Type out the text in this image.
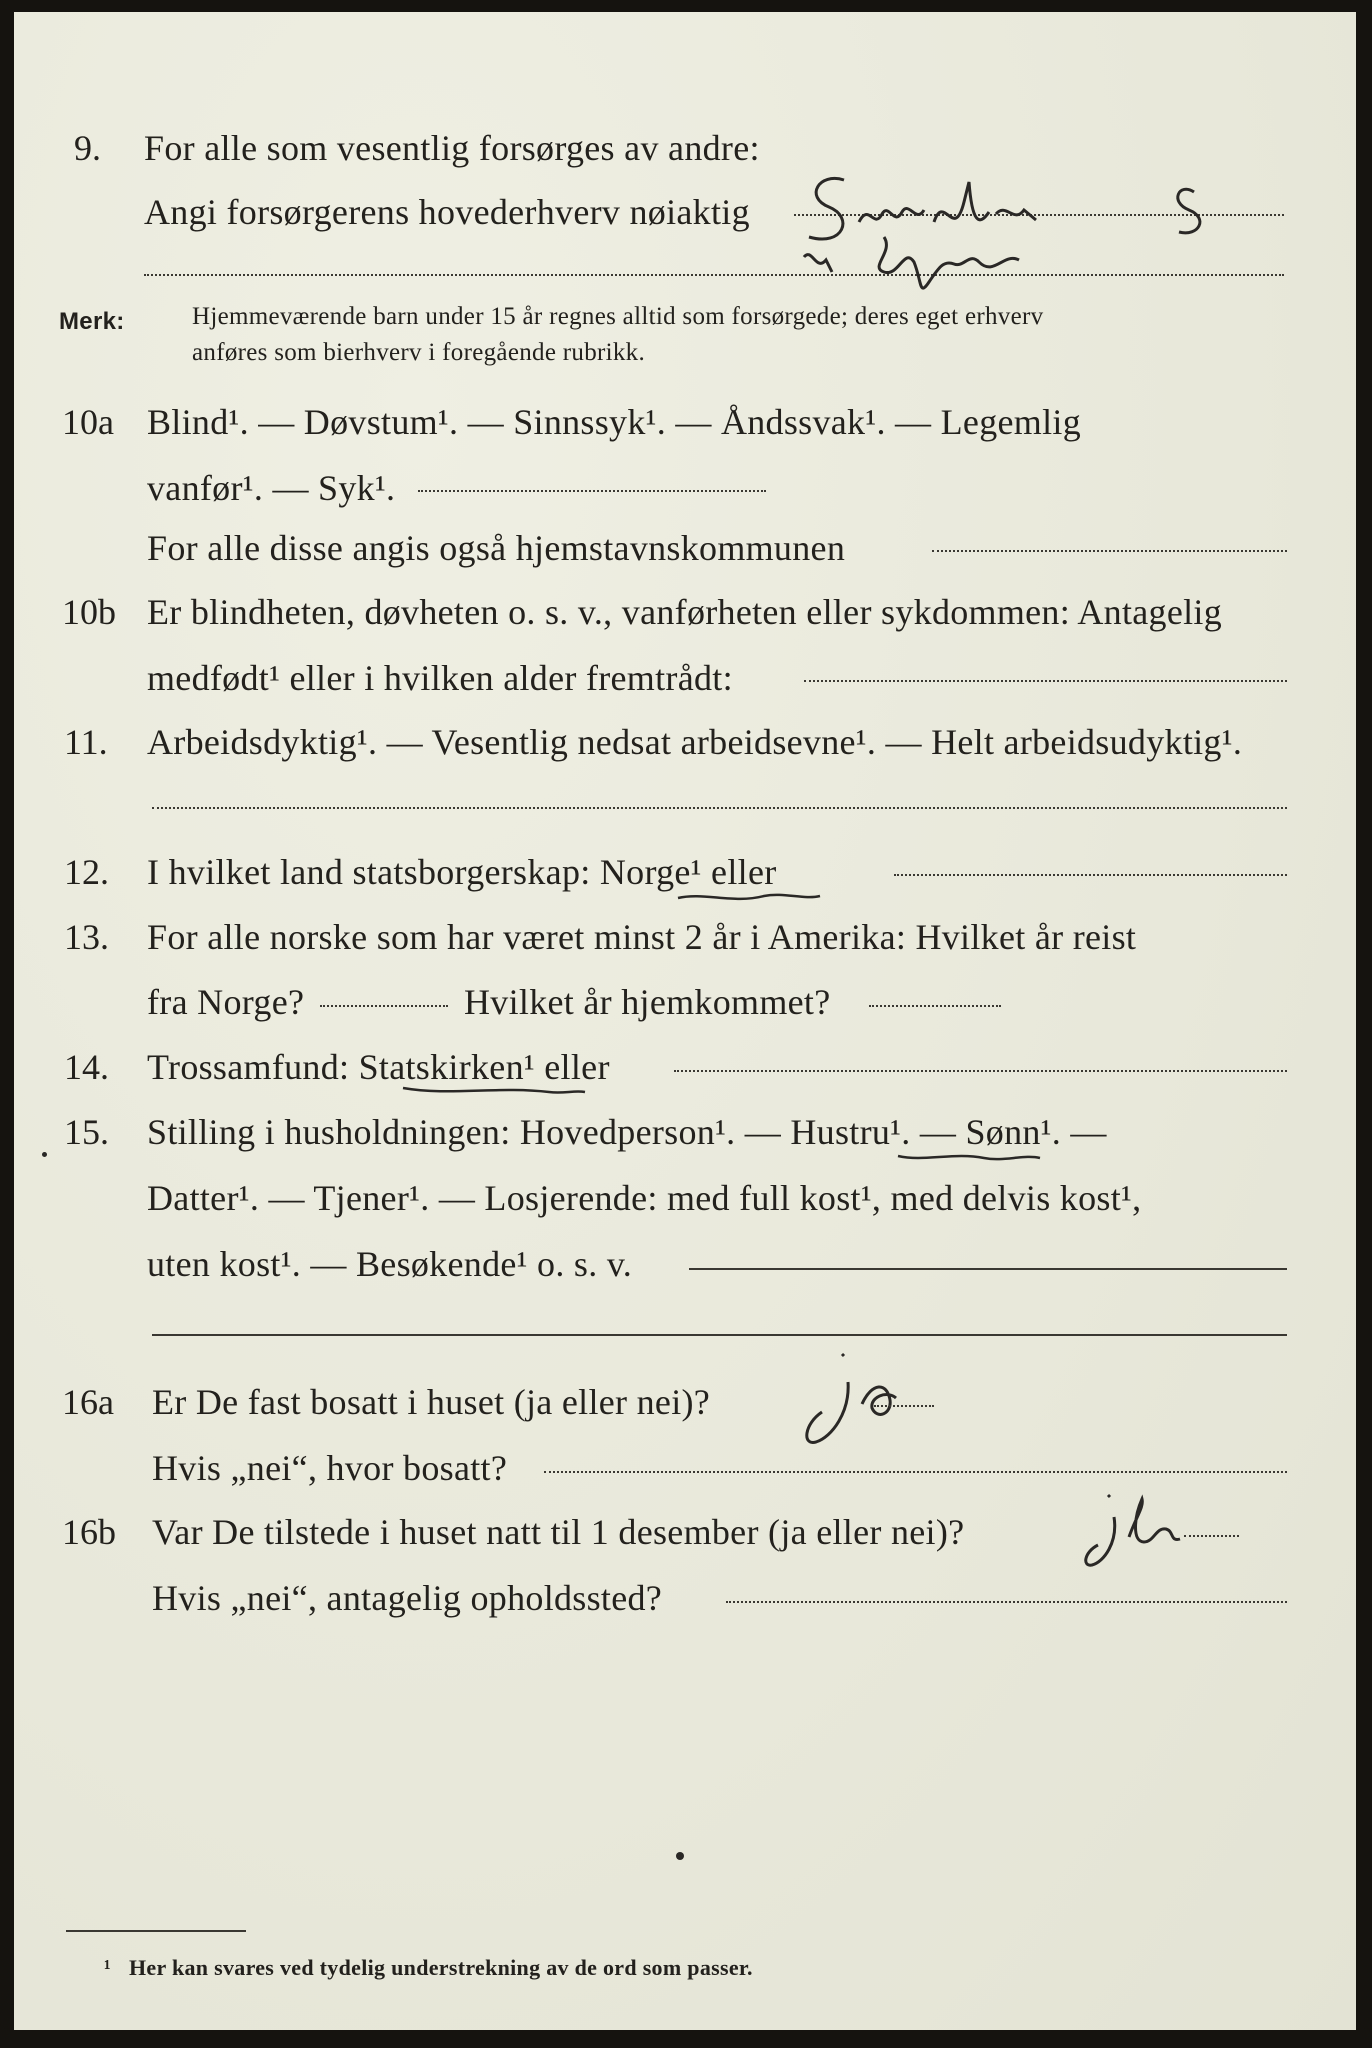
9. For alle som vesentlig forsørges av andre:
Angi forsørgerens hovederhverv nøiaktig
Merk:	Hjemmeværende barn under 15 år regnes alltid som forsørgede; deres eget erhverv
anføres som bierhverv i foregående rubrikk.
10a Blind¹. — Døvstum¹. — Sinnssyk¹. — Åndssvak¹. — Legemlig
vanfør¹. — Syk¹.
For alle disse angis også hjemstavnskommunen
10b Er blindheten, døvheten o. s. v., vanførheten eller sykdommen: Antagelig
medfødt¹ eller i hvilken alder fremtrådt:
11. Arbeidsdyktig¹. — Vesentlig nedsat arbeidsevne¹. — Helt arbeidsudyktig¹.
12. I hvilket land statsborgerskap: Norge¹ eller
13. For alle norske som har været minst 2 år i Amerika: Hvilket år reist
fra Norge?	Hvilket år hjemkommet?
14. Trossamfund: Statskirken¹ eller
15. Stilling i husholdningen: Hovedperson¹. — Hustru¹. — Sønn¹. —
Datter¹. — Tjener¹. — Losjerende: med full kost¹, med delvis kost¹,
uten kost¹. — Besøkende¹ o. s. v.
16a Er De fast bosatt i huset (ja eller nei)?
Hvis „nei“, hvor bosatt?
16b Var De tilstede i huset natt til 1 desember (ja eller nei)?
Hvis „nei“, antagelig opholdssted?
¹ Her kan svares ved tydelig understrekning av de ord som passer.
